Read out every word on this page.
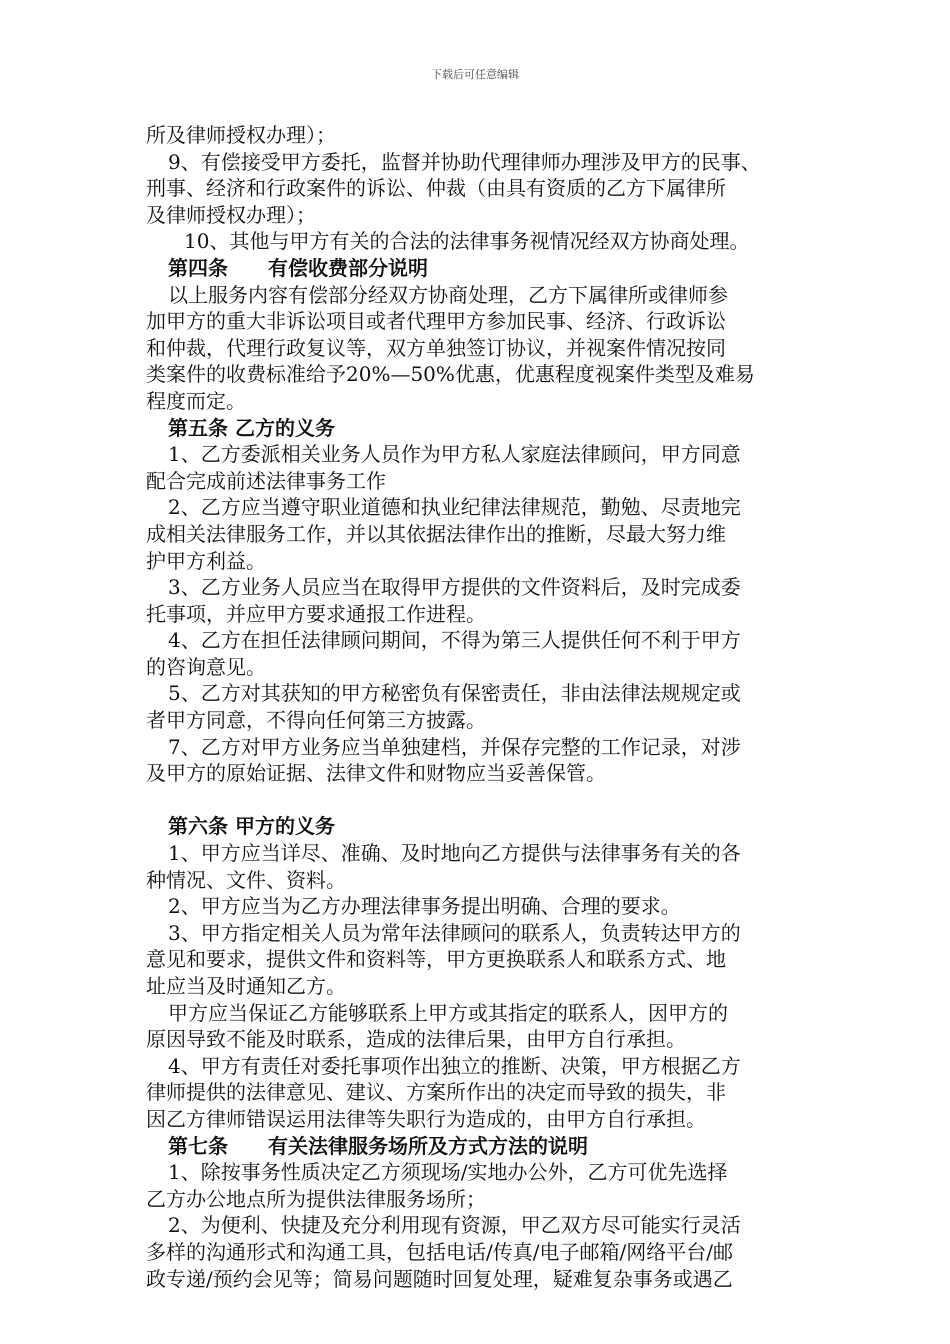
下载后可任意编辑
所及律师授权办理）；
9、有偿接受甲方委托，监督并协助代理律师办理涉及甲方的民事、
刑事、经济和行政案件的诉讼、仲裁（由具有资质的乙方下属律所
及律师授权办理）；
10、其他与甲方有关的合法的法律事务视情况经双方协商处理。
第四条　　有偿收费部分说明
以上服务内容有偿部分经双方协商处理，乙方下属律所或律师参
加甲方的重大非诉讼项目或者代理甲方参加民事、经济、行政诉讼
和仲裁，代理行政复议等，双方单独签订协议，并视案件情况按同
类案件的收费标准给予20%—50%优惠，优惠程度视案件类型及难易
程度而定。
第五条 乙方的义务
1、乙方委派相关业务人员作为甲方私人家庭法律顾问，甲方同意
配合完成前述法律事务工作
2、乙方应当遵守职业道德和执业纪律法律规范，勤勉、尽责地完
成相关法律服务工作，并以其依据法律作出的推断，尽最大努力维
护甲方利益。
3、乙方业务人员应当在取得甲方提供的文件资料后，及时完成委
托事项，并应甲方要求通报工作进程。
4、乙方在担任法律顾问期间，不得为第三人提供任何不利于甲方
的咨询意见。
5、乙方对其获知的甲方秘密负有保密责任，非由法律法规规定或
者甲方同意，不得向任何第三方披露。
7、乙方对甲方业务应当单独建档，并保存完整的工作记录，对涉
及甲方的原始证据、法律文件和财物应当妥善保管。
第六条 甲方的义务
1、甲方应当详尽、准确、及时地向乙方提供与法律事务有关的各
种情况、文件、资料。
2、甲方应当为乙方办理法律事务提出明确、合理的要求。
3、甲方指定相关人员为常年法律顾问的联系人，负责转达甲方的
意见和要求，提供文件和资料等，甲方更换联系人和联系方式、地
址应当及时通知乙方。
甲方应当保证乙方能够联系上甲方或其指定的联系人，因甲方的
原因导致不能及时联系，造成的法律后果，由甲方自行承担。
4、甲方有责任对委托事项作出独立的推断、决策，甲方根据乙方
律师提供的法律意见、建议、方案所作出的决定而导致的损失，非
因乙方律师错误运用法律等失职行为造成的，由甲方自行承担。
第七条　　有关法律服务场所及方式方法的说明
1、除按事务性质决定乙方须现场/实地办公外，乙方可优先选择
乙方办公地点所为提供法律服务场所；
2、为便利、快捷及充分利用现有资源，甲乙双方尽可能实行灵活
多样的沟通形式和沟通工具，包括电话/传真/电子邮箱/网络平台/邮
政专递/预约会见等；简易问题随时回复处理，疑难复杂事务或遇乙
